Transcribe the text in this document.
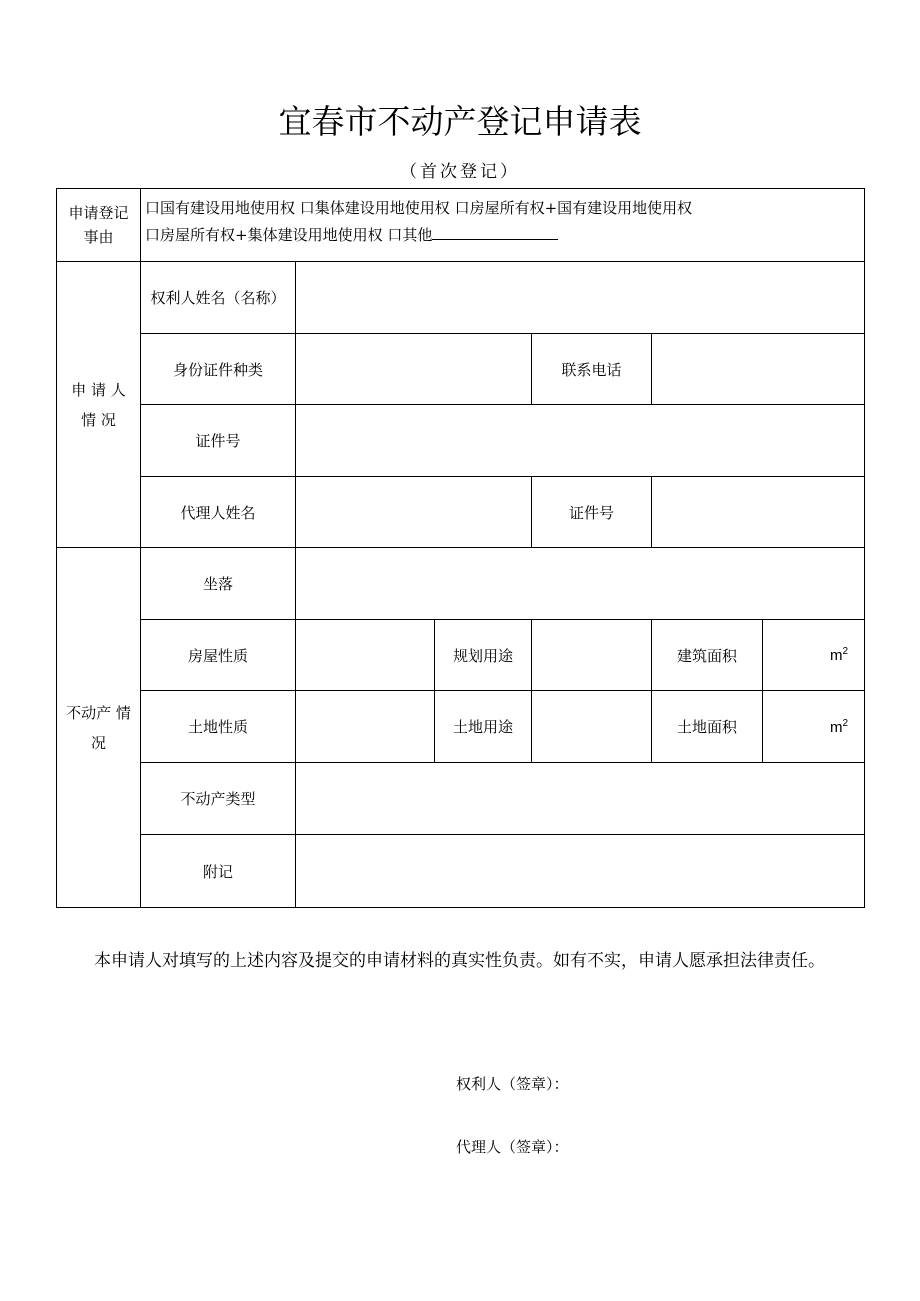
宜春市不动产登记申请表
（首次登记）
申请登记
事由	口国有建设用地使用权 口集体建设用地使用权 口房屋所有权+国有建设用地使用权
口房屋所有权+集体建设用地使用权 口其他					
申 请 人
情 况	权利人姓名（名称）					
	身份证件种类			联系电话		
	证件号					
	代理人姓名			证件号		
不动产 情
况	坐落					
	房屋性质		规划用途		建筑面积	$m^2$
	土地性质		土地用途		土地面积	$m^2$
	不动产类型					
	附记					
本申请人对填写的上述内容及提交的申请材料的真实性负责。如有不实，申请人愿承担法律责任。
权利人（签章）：
代理人（签章）：
